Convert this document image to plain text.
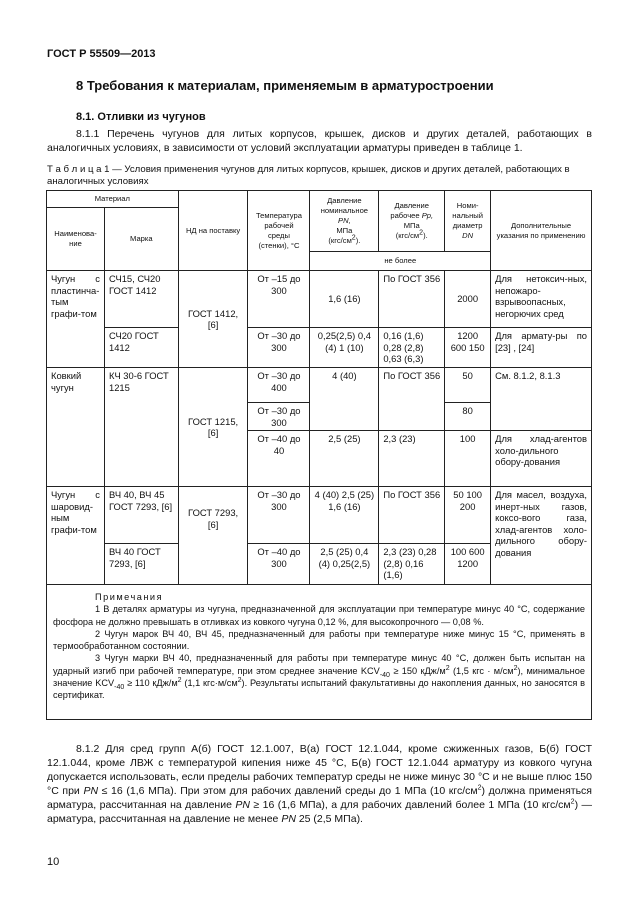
ГОСТ Р 55509—2013
8 Требования к материалам, применяемым в арматуростроении
8.1. Отливки из чугунов
8.1.1 Перечень чугунов для литых корпусов, крышек, дисков и других деталей, работающих в аналогичных условиях, в зависимости от условий эксплуатации арматуры приведен в таблице 1.
Т а б л и ц а 1 — Условия применения чугунов для литых корпусов, крышек, дисков и других деталей, работающих в аналогичных условиях
Материал		НД на поставку	Температура рабочей среды (стенки), °C	Давление номинальное PN,
МПа
$(кгс/см^2)$.	Давление рабочее Pp,
МПа
$(кгс/см^2)$.	Номи-нальный диаметр
DN	Дополнительные указания по применению
Наименова-ние	Марка						
				не более			
Чугун с пластинча-тым графи-том	СЧ15, СЧ20 ГОСТ 1412	ГОСТ 1412, [6]	От –15 до 300	1,6 (16)	По ГОСТ 356	2000	Для нетоксич-ных, непожаро-взрывоопасных, негорючих сред
	СЧ20 ГОСТ 1412		От –30 до 300	0,25(2,5) 0,4 (4) 1 (10)	0,16 (1,6) 0,28 (2,8) 0,63 (6,3)	1200 600 150	Для армату-ры по [23] , [24]
Ковкий чугун	КЧ 30-6 ГОСТ 1215	ГОСТ 1215, [6]	От –30 до 400	4 (40)	По ГОСТ 356	50	См. 8.1.2, 8.1.3
			От –30 до 300			80	
			От –40 до 40	2,5 (25)	2,3 (23)	100	Для хлад-агентов холо-дильного обору-дования
Чугун с шаровид-ным графи-том	ВЧ 40, ВЧ 45 ГОСТ 7293, [6]	ГОСТ 7293, [6]	От –30 до 300	4 (40) 2,5 (25) 1,6 (16)	По ГОСТ 356	50 100 200	Для масел, воздуха, инерт-ных газов, коксо-вого газа, хлад-агентов холо-дильного обору-дования
	ВЧ 40 ГОСТ 7293, [6]		От –40 до 300	2,5 (25) 0,4 (4) 0,25(2,5)	2,3 (23) 0,28 (2,8) 0,16 (1,6)	100 600 1200	

Примечания
1 В деталях арматуры из чугуна, предназначенной для эксплуатации при температуре минус 40 °C, содержание фосфора не должно превышать в отливках из ковкого чугуна 0,12 %, для высокопрочного — 0,08 %.
2 Чугун марок ВЧ 40, ВЧ 45, предназначенный для работы при температуре ниже минус 15 °C, применять в термообработанном состоянии.
3 Чугун марки ВЧ 40, предназначенный для работы при температуре минус 40 °C, должен быть испытан на ударный изгиб при рабочей температуре, при этом среднее значение $KCV_{-40} \ge 150$ кДж/$м^2$ (1,5 кгс · $м/см^2$), минимальное значение $KCV_{-40} \ge 110$ кДж/$м^2$ (1,1 $кгс\cdot м/см^2$). Результаты испытаний факультативны до накопления данных, но заносятся в сертификат.							
8.1.2 Для сред групп А(б) ГОСТ 12.1.007, В(а) ГОСТ 12.1.044, кроме сжиженных газов, Б(б) ГОСТ 12.1.044, кроме ЛВЖ с температурой кипения ниже 45 °C, Б(в) ГОСТ 12.1.044 арматуру из ковкого чугуна допускается использовать, если пределы рабочих температур среды не ниже минус 30 °C и не выше плюс 150 °C при PN ≤ 16 (1,6 МПа). При этом для рабочих давлений среды до 1 МПа (10 кгс/$см^2$) должна применяться арматура, рассчитанная на давление PN ≥ 16 (1,6 МПа), а для рабочих давлений более 1 МПа (10 кгс/$см^2$) — арматура, рассчитанная на давление не менее PN 25 (2,5 МПа).
10
